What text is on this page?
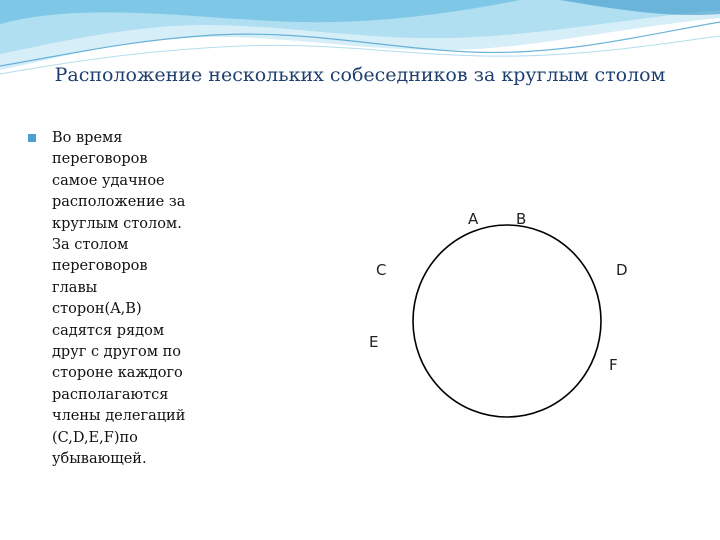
Расположение нескольких собеседников за круглым столом
Во время
переговоров
самое удачное
расположение за
круглым столом.
За столом
переговоров
главы
сторон(A,B)
садятся рядом
друг с другом по
стороне каждого
располагаются
члены делегаций
(C,D,E,F)по
убывающей.
A	B
C	D
E
F
